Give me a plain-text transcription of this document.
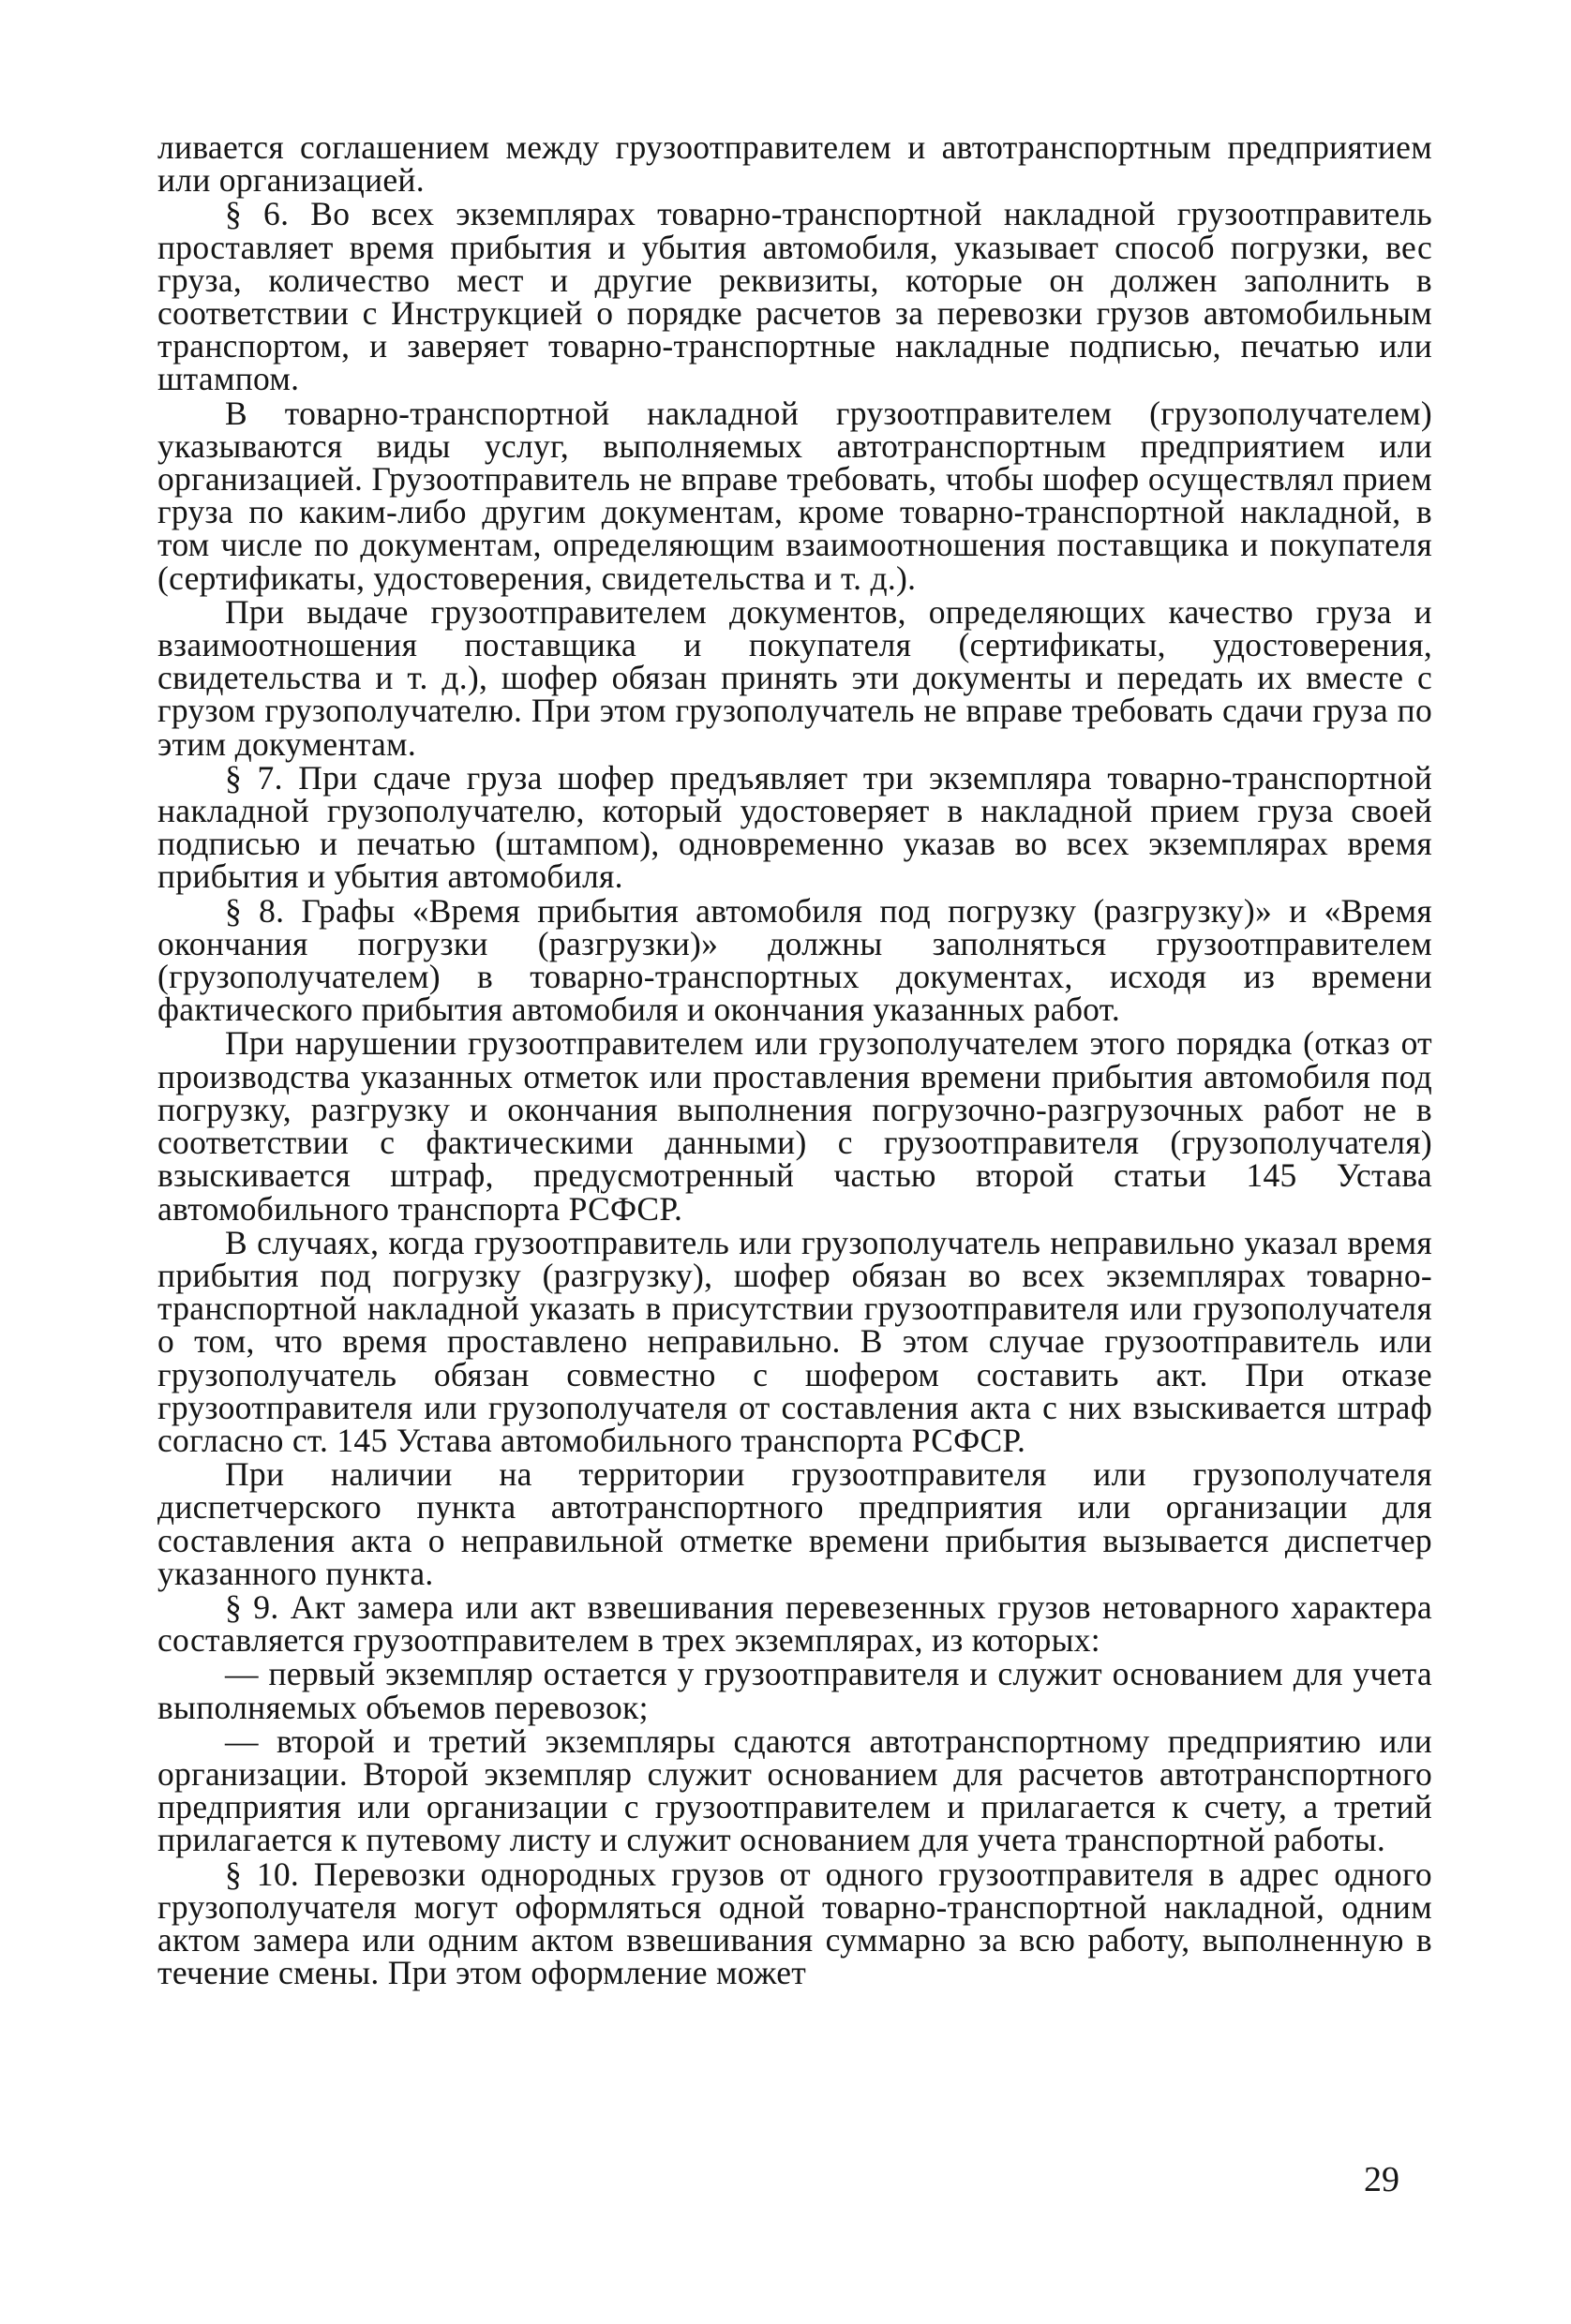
ливается соглашением между грузоотправителем и автотранспортным предприятием или организацией.

§ 6. Во всех экземплярах товарно-транспортной накладной грузоотправитель проставляет время прибытия и убытия автомобиля, указывает способ погрузки, вес груза, количество мест и другие реквизиты, которые он должен заполнить в соответствии с Инструкцией о порядке расчетов за перевозки грузов автомобильным транспортом, и заверяет товарно-транспортные накладные подписью, печатью или штампом.

В товарно-транспортной накладной грузоотправителем (грузополучателем) указываются виды услуг, выполняемых автотранспортным предприятием или организацией. Грузоотправитель не вправе требовать, чтобы шофер осуществлял прием груза по каким-либо другим документам, кроме товарно-транспортной накладной, в том числе по документам, определяющим взаимоотношения поставщика и покупателя (сертификаты, удостоверения, свидетельства и т. д.).

При выдаче грузоотправителем документов, определяющих качество груза и взаимоотношения поставщика и покупателя (сертификаты, удостоверения, свидетельства и т. д.), шофер обязан принять эти документы и передать их вместе с грузом грузополучателю. При этом грузополучатель не вправе требовать сдачи груза по этим документам.

§ 7. При сдаче груза шофер предъявляет три экземпляра товарно-транспортной накладной грузополучателю, который удостоверяет в накладной прием груза своей подписью и печатью (штампом), одновременно указав во всех экземплярах время прибытия и убытия автомобиля.

§ 8. Графы «Время прибытия автомобиля под погрузку (разгрузку)» и «Время окончания погрузки (разгрузки)» должны заполняться грузоотправителем (грузополучателем) в товарно-транспортных документах, исходя из времени фактического прибытия автомобиля и окончания указанных работ.

При нарушении грузоотправителем или грузополучателем этого порядка (отказ от производства указанных отметок или проставления времени прибытия автомобиля под погрузку, разгрузку и окончания выполнения погрузочно-разгрузочных работ не в соответствии с фактическими данными) с грузоотправителя (грузополучателя) взыскивается штраф, предусмотренный частью второй статьи 145 Устава автомобильного транспорта РСФСР.

В случаях, когда грузоотправитель или грузополучатель неправильно указал время прибытия под погрузку (разгрузку), шофер обязан во всех экземплярах товарно-транспортной накладной указать в присутствии грузоотправителя или грузополучателя о том, что время проставлено неправильно. В этом случае грузоотправитель или грузополучатель обязан совместно с шофером составить акт. При отказе грузоотправителя или грузополучателя от составления акта с них взыскивается штраф согласно ст. 145 Устава автомобильного транспорта РСФСР.

При наличии на территории грузоотправителя или грузополучателя диспетчерского пункта автотранспортного предприятия или организации для составления акта о неправильной отметке времени прибытия вызывается диспетчер указанного пункта.

§ 9. Акт замера или акт взвешивания перевезенных грузов нетоварного характера составляется грузоотправителем в трех экземплярах, из которых:

— первый экземпляр остается у грузоотправителя и служит основанием для учета выполняемых объемов перевозок;

— второй и третий экземпляры сдаются автотранспортному предприятию или организации. Второй экземпляр служит основанием для расчетов автотранспортного предприятия или организации с грузоотправителем и прилагается к счету, а третий прилагается к путевому листу и служит основанием для учета транспортной работы.

§ 10. Перевозки однородных грузов от одного грузоотправителя в адрес одного грузополучателя могут оформляться одной товарно-транспортной накладной, одним актом замера или одним актом взвешивания суммарно за всю работу, выполненную в течение смены. При этом оформление может

29
